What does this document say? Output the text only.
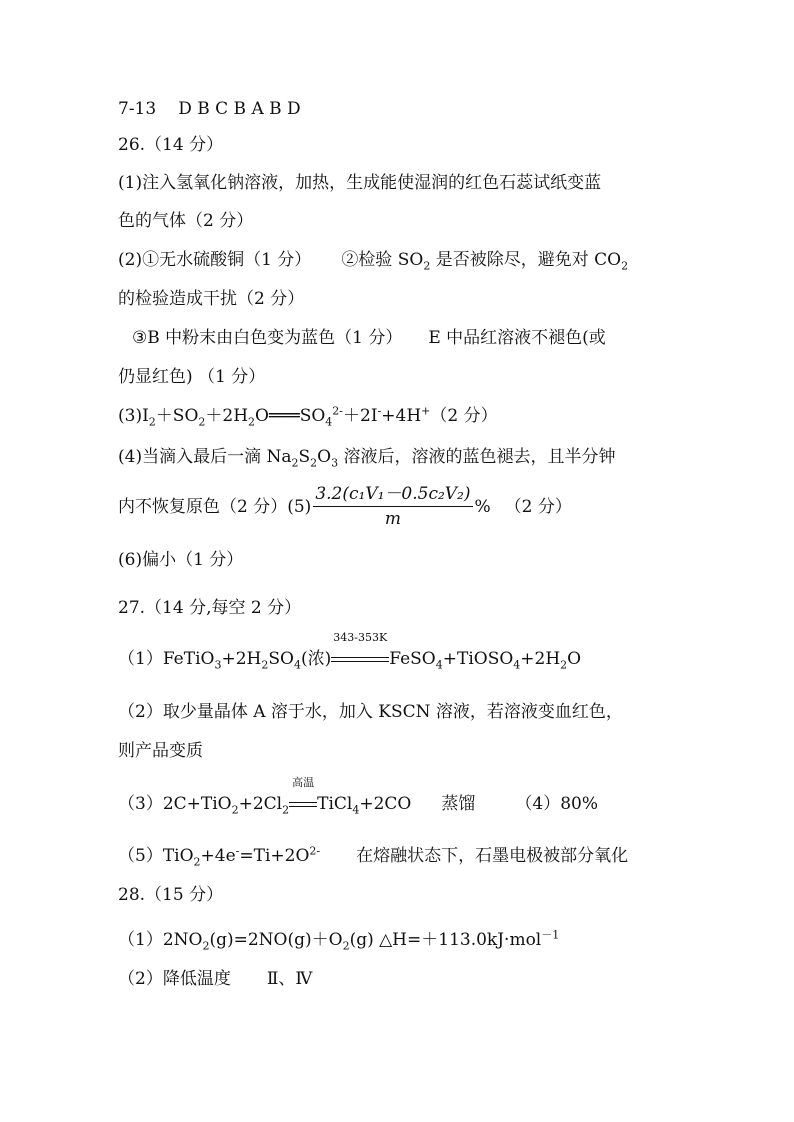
7-13 D B C B A B D
26.（14 分）
(1)注入氢氧化钠溶液，加热，生成能使湿润的红色石蕊试纸变蓝
色的气体（2 分）
(2)①无水硫酸铜（1 分） ②检验 $SO_2$ 是否被除尽，避免对 $CO_2$
的检验造成干扰（2 分）
③B 中粉末由白色变为蓝色（1 分） E 中品红溶液不褪色(或
仍显红色) （1 分）
$(3)I_2+SO_2+2H_2O═══SO_4^{2-}+2I^-+4H^+(2$ 分）
(4)当滴入最后一滴 $Na_2S_2O_3$ 溶液后，溶液的蓝色褪去，且半分钟
内不恢复原色（2 分）$(5) \frac{\text{3.2(c₁V₁－0.5c₂V₂)}}{m}$ % （2 分）
(6)偏小（1 分）
27.（14 分,每空 2 分）
$(1)FeTiO_3+2H_2SO_4$(浓)
343-353K
$FeSO_4+TiOSO_4+2H_2O$
（2）取少量晶体 A 溶于水，加入 KSCN 溶液，若溶液变血红色，
则产品变质
$(3)2C+TiO_2+2Cl_2$
高温
TiCl$_4$+2CO 蒸馏 （4）80%
$(5)TiO_2+4e^-=Ti+2O^{2-}$ 在熔融状态下，石墨电极被部分氧化
28.（15 分）
$(1)2NO_2(g)=2NO(g)+O_2(g)$ △H=＋113.0kJ·mol$^{-1}$
（2）降低温度 Ⅱ、Ⅳ
